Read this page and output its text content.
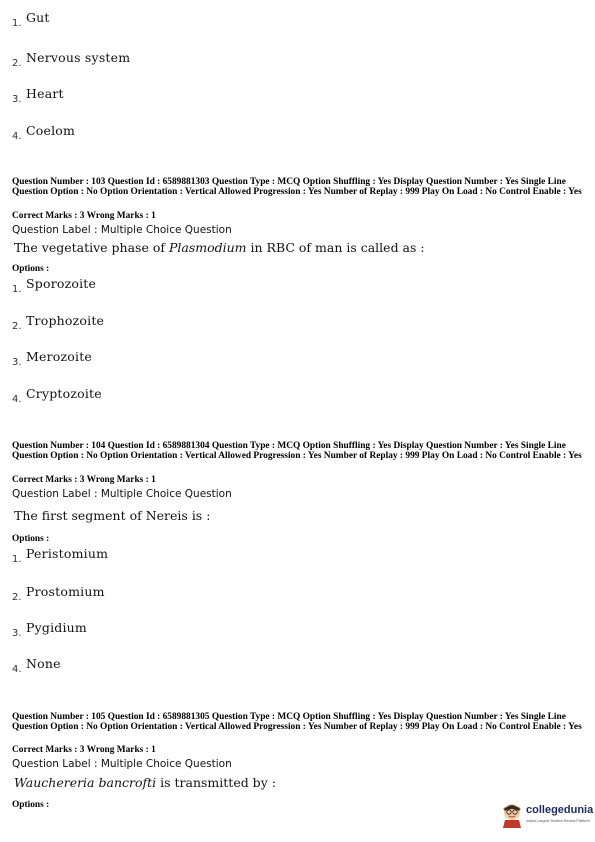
1. Gut
2. Nervous system
3. Heart
4. Coelom
Question Number : 103 Question Id : 6589881303 Question Type : MCQ Option Shuffling : Yes Display Question Number : Yes Single Line Question Option : No Option Orientation : Vertical Allowed Progression : Yes Number of Replay : 999 Play On Load : No Control Enable : Yes
Correct Marks : 3 Wrong Marks : 1
Question Label : Multiple Choice Question
The vegetative phase of Plasmodium in RBC of man is called as :
Options :
1. Sporozoite
2. Trophozoite
3. Merozoite
4. Cryptozoite
Question Number : 104 Question Id : 6589881304 Question Type : MCQ Option Shuffling : Yes Display Question Number : Yes Single Line Question Option : No Option Orientation : Vertical Allowed Progression : Yes Number of Replay : 999 Play On Load : No Control Enable : Yes
Correct Marks : 3 Wrong Marks : 1
Question Label : Multiple Choice Question
The first segment of Nereis is :
Options :
1. Peristomium
2. Prostomium
3. Pygidium
4. None
Question Number : 105 Question Id : 6589881305 Question Type : MCQ Option Shuffling : Yes Display Question Number : Yes Single Line Question Option : No Option Orientation : Vertical Allowed Progression : Yes Number of Replay : 999 Play On Load : No Control Enable : Yes
Correct Marks : 3 Wrong Marks : 1
Question Label : Multiple Choice Question
Wauchereria bancrofti is transmitted by :
Options :	collegedunia
India's Largest Student Review Platform
